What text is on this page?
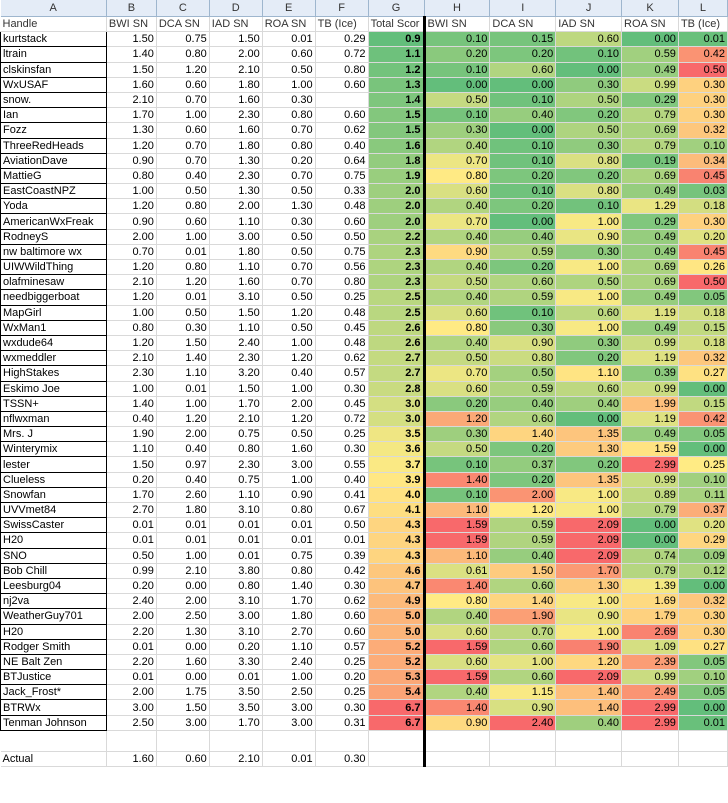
A	B	C	D	E	F	G	H	I	J	K	L
Handle	BWI SN	DCA SN	IAD SN	ROA SN	TB (Ice)	Total Scor	BWI SN	DCA SN	IAD SN	ROA SN	TB (Ice)
kurtstack	1.50	0.75	1.50	0.01	0.29	0.9	0.10	0.15	0.60	0.00	0.01
ltrain	1.40	0.80	2.00	0.60	0.72	1.1	0.20	0.20	0.10	0.59	0.42
clskinsfan	1.50	1.20	2.10	0.50	0.80	1.2	0.10	0.60	0.00	0.49	0.50
WxUSAF	1.60	0.60	1.80	1.00	0.60	1.3	0.00	0.00	0.30	0.99	0.30
snow.	2.10	0.70	1.60	0.30		1.4	0.50	0.10	0.50	0.29	0.30
Ian	1.70	1.00	2.30	0.80	0.60	1.5	0.10	0.40	0.20	0.79	0.30
Fozz	1.30	0.60	1.60	0.70	0.62	1.5	0.30	0.00	0.50	0.69	0.32
ThreeRedHeads	1.20	0.70	1.80	0.80	0.40	1.6	0.40	0.10	0.30	0.79	0.10
AviationDave	0.90	0.70	1.30	0.20	0.64	1.8	0.70	0.10	0.80	0.19	0.34
MattieG	0.80	0.40	2.30	0.70	0.75	1.9	0.80	0.20	0.20	0.69	0.45
EastCoastNPZ	1.00	0.50	1.30	0.50	0.33	2.0	0.60	0.10	0.80	0.49	0.03
Yoda	1.20	0.80	2.00	1.30	0.48	2.0	0.40	0.20	0.10	1.29	0.18
AmericanWxFreak	0.90	0.60	1.10	0.30	0.60	2.0	0.70	0.00	1.00	0.29	0.30
RodneyS	2.00	1.00	3.00	0.50	0.50	2.2	0.40	0.40	0.90	0.49	0.20
nw baltimore wx	0.70	0.01	1.80	0.50	0.75	2.3	0.90	0.59	0.30	0.49	0.45
UIWWildThing	1.20	0.80	1.10	0.70	0.56	2.3	0.40	0.20	1.00	0.69	0.26
olafminesaw	2.10	1.20	1.60	0.70	0.80	2.3	0.50	0.60	0.50	0.69	0.50
needbiggerboat	1.20	0.01	3.10	0.50	0.25	2.5	0.40	0.59	1.00	0.49	0.05
MapGirl	1.00	0.50	1.50	1.20	0.48	2.5	0.60	0.10	0.60	1.19	0.18
WxMan1	0.80	0.30	1.10	0.50	0.45	2.6	0.80	0.30	1.00	0.49	0.15
wxdude64	1.20	1.50	2.40	1.00	0.48	2.6	0.40	0.90	0.30	0.99	0.18
wxmeddler	2.10	1.40	2.30	1.20	0.62	2.7	0.50	0.80	0.20	1.19	0.32
HighStakes	2.30	1.10	3.20	0.40	0.57	2.7	0.70	0.50	1.10	0.39	0.27
Eskimo Joe	1.00	0.01	1.50	1.00	0.30	2.8	0.60	0.59	0.60	0.99	0.00
TSSN+	1.40	1.00	1.70	2.00	0.45	3.0	0.20	0.40	0.40	1.99	0.15
nflwxman	0.40	1.20	2.10	1.20	0.72	3.0	1.20	0.60	0.00	1.19	0.42
Mrs. J	1.90	2.00	0.75	0.50	0.25	3.5	0.30	1.40	1.35	0.49	0.05
Winterymix	1.10	0.40	0.80	1.60	0.30	3.6	0.50	0.20	1.30	1.59	0.00
lester	1.50	0.97	2.30	3.00	0.55	3.7	0.10	0.37	0.20	2.99	0.25
Clueless	0.20	0.40	0.75	1.00	0.40	3.9	1.40	0.20	1.35	0.99	0.10
Snowfan	1.70	2.60	1.10	0.90	0.41	4.0	0.10	2.00	1.00	0.89	0.11
UVVmet84	2.70	1.80	3.10	0.80	0.67	4.1	1.10	1.20	1.00	0.79	0.37
SwissCaster	0.01	0.01	0.01	0.01	0.50	4.3	1.59	0.59	2.09	0.00	0.20
H20	0.01	0.01	0.01	0.01	0.01	4.3	1.59	0.59	2.09	0.00	0.29
SNO	0.50	1.00	0.01	0.75	0.39	4.3	1.10	0.40	2.09	0.74	0.09
Bob Chill	0.99	2.10	3.80	0.80	0.42	4.6	0.61	1.50	1.70	0.79	0.12
Leesburg04	0.20	0.00	0.80	1.40	0.30	4.7	1.40	0.60	1.30	1.39	0.00
nj2va	2.40	2.00	3.10	1.70	0.62	4.9	0.80	1.40	1.00	1.69	0.32
WeatherGuy701	2.00	2.50	3.00	1.80	0.60	5.0	0.40	1.90	0.90	1.79	0.30
H20	2.20	1.30	3.10	2.70	0.60	5.0	0.60	0.70	1.00	2.69	0.30
Rodger Smith	0.01	0.00	0.20	1.10	0.57	5.2	1.59	0.60	1.90	1.09	0.27
NE Balt Zen	2.20	1.60	3.30	2.40	0.25	5.2	0.60	1.00	1.20	2.39	0.05
BTJustice	0.01	0.00	0.01	1.00	0.20	5.3	1.59	0.60	2.09	0.99	0.10
Jack_Frost*	2.00	1.75	3.50	2.50	0.25	5.4	0.40	1.15	1.40	2.49	0.05
BTRWx	3.00	1.50	3.50	3.00	0.30	6.7	1.40	0.90	1.40	2.99	0.00
Tenman Johnson	2.50	3.00	1.70	3.00	0.31	6.7	0.90	2.40	0.40	2.99	0.01

Actual	1.60	0.60	2.10	0.01	0.30						
